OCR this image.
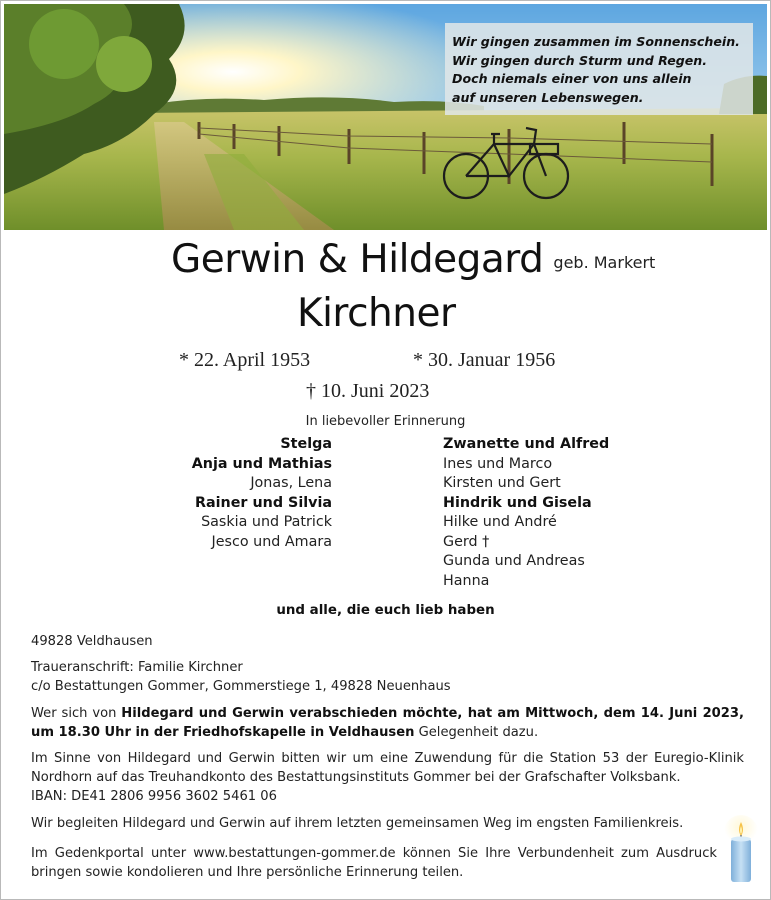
Wir gingen zusammen im Sonnenschein.
Wir gingen durch Sturm und Regen.
Doch niemals einer von uns allein
auf unseren Lebenswegen.
Gerwin & Hildegard geb. Markert
Kirchner
* 22. April 1953	* 30. Januar 1956
† 10. Juni 2023
In liebevoller Erinnerung
Stelga
Anja und Mathias
Jonas, Lena
Rainer und Silvia
Saskia und Patrick
Jesco und Amara
Zwanette und Alfred
Ines und Marco
Kirsten und Gert
Hindrik und Gisela
Hilke und André
Gerd †
Gunda und Andreas
Hanna
und alle, die euch lieb haben

49828 Veldhausen

Traueranschrift: Familie Kirchner

c/o Bestattungen Gommer, Gommerstiege 1, 49828 Neuenhaus

Wer sich von Hildegard und Gerwin verabschieden möchte, hat am Mittwoch, dem 14. Juni 2023, um 18.30 Uhr in der Friedhofskapelle in Veldhausen Gelegenheit dazu.

Im Sinne von Hildegard und Gerwin bitten wir um eine Zuwendung für die Station 53 der Euregio-Klinik Nordhorn auf das Treuhandkonto des Bestattungsinstituts Gommer bei der Grafschafter Volksbank.

IBAN: DE41 2806 9956 3602 5461 06

Wir begleiten Hildegard und Gerwin auf ihrem letzten gemeinsamen Weg im engsten Familienkreis.

Im Gedenkportal unter www.bestattungen-gommer.de können Sie Ihre Verbundenheit zum Ausdruck bringen sowie kondolieren und Ihre persönliche Erinnerung teilen.
